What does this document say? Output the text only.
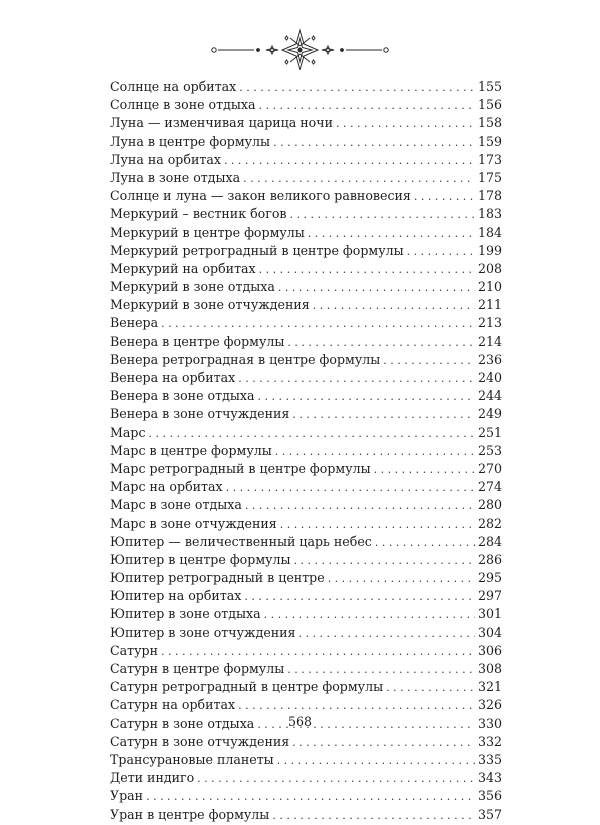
Солнце на орбитах . . .	155
Солнце в зоне отдыха . . .	156
Луна — изменчивая царица ночи . . .	158
Луна в центре формулы . . .	159
Луна на орбитах . . .	173
Луна в зоне отдыха . . .	175
Солнце и луна — закон великого равновесия . . .	178
Меркурий – вестник богов . . .	183
Меркурий в центре формулы . . .	184
Меркурий ретроградный в центре формулы . . .	199
Меркурий на орбитах . . .	208
Меркурий в зоне отдыха . . .	210
Меркурий в зоне отчуждения . . .	211
Венера . . .	213
Венера в центре формулы . . .	214
Венера ретроградная в центре формулы . . .	236
Венера на орбитах . . .	240
Венера в зоне отдыха . . .	244
Венера в зоне отчуждения . . .	249
Марс . . .	251
Марс в центре формулы . . .	253
Марс ретроградный в центре формулы . . .	270
Марс на орбитах . . .	274
Марс в зоне отдыха . . .	280
Марс в зоне отчуждения . . .	282
Юпитер — величественный царь небес . . .	284
Юпитер в центре формулы . . .	286
Юпитер ретроградный в центре . . .	295
Юпитер на орбитах . . .	297
Юпитер в зоне отдыха . . .	301
Юпитер в зоне отчуждения . . .	304
Сатурн . . .	306
Сатурн в центре формулы . . .	308
Сатурн ретроградный в центре формулы . . .	321
Сатурн на орбитах . . .	326
Сатурн в зоне отдыха . . .	330
Сатурн в зоне отчуждения . . .	332
Трансурановые планеты . . .	335
Дети индиго . . .	343
Уран . . .	356
Уран в центре формулы . . .	357
568
